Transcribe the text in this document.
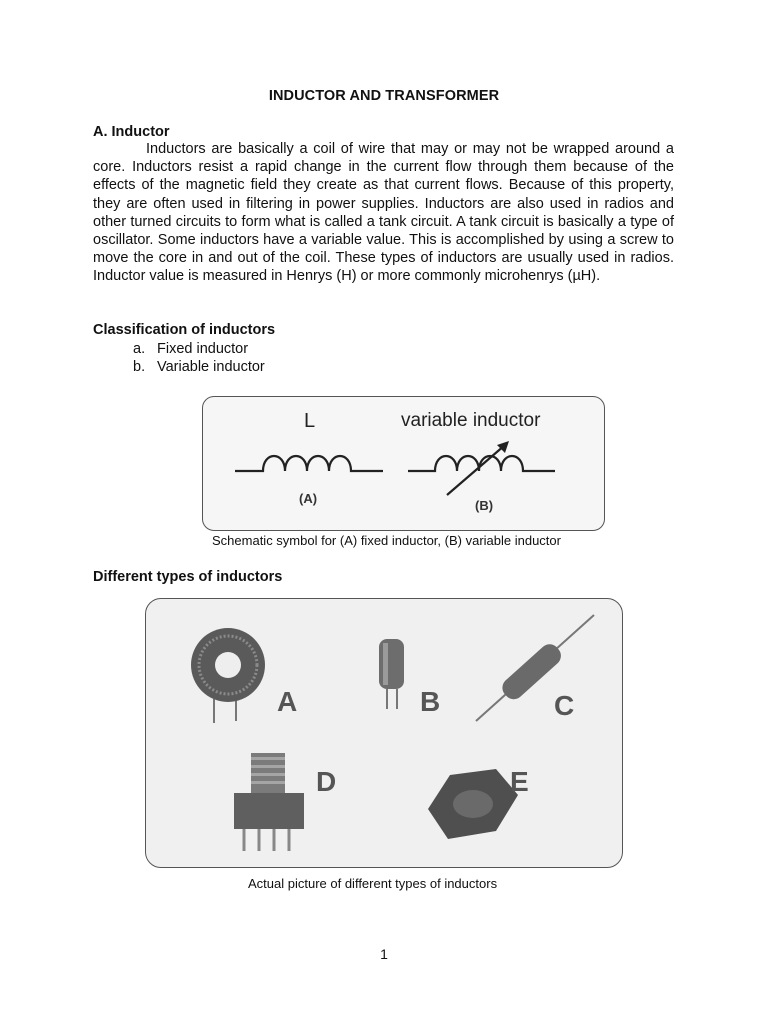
INDUCTOR AND TRANSFORMER
A. Inductor

Inductors are basically a coil of wire that may or may not be wrapped around a core. Inductors resist a rapid change in the current flow through them because of the effects of the magnetic field they create as that current flows. Because of this property, they are often used in filtering in power supplies. Inductors are also used in radios and other turned circuits to form what is called a tank circuit. A tank circuit is basically a type of oscillator. Some inductors have a variable value. This is accomplished by using a screw to move the core in and out of the coil. These types of inductors are usually used in radios. Inductor value is measured in Henrys (H) or more commonly microhenrys (µH).

Classification of inductors
a. Fixed inductor
b. Variable inductor
L	variable inductor
(A)	(B)
Schematic symbol for (A) fixed inductor, (B) variable inductor
Different types of inductors
A	B	C
D	E
Actual picture of different types of inductors
1
